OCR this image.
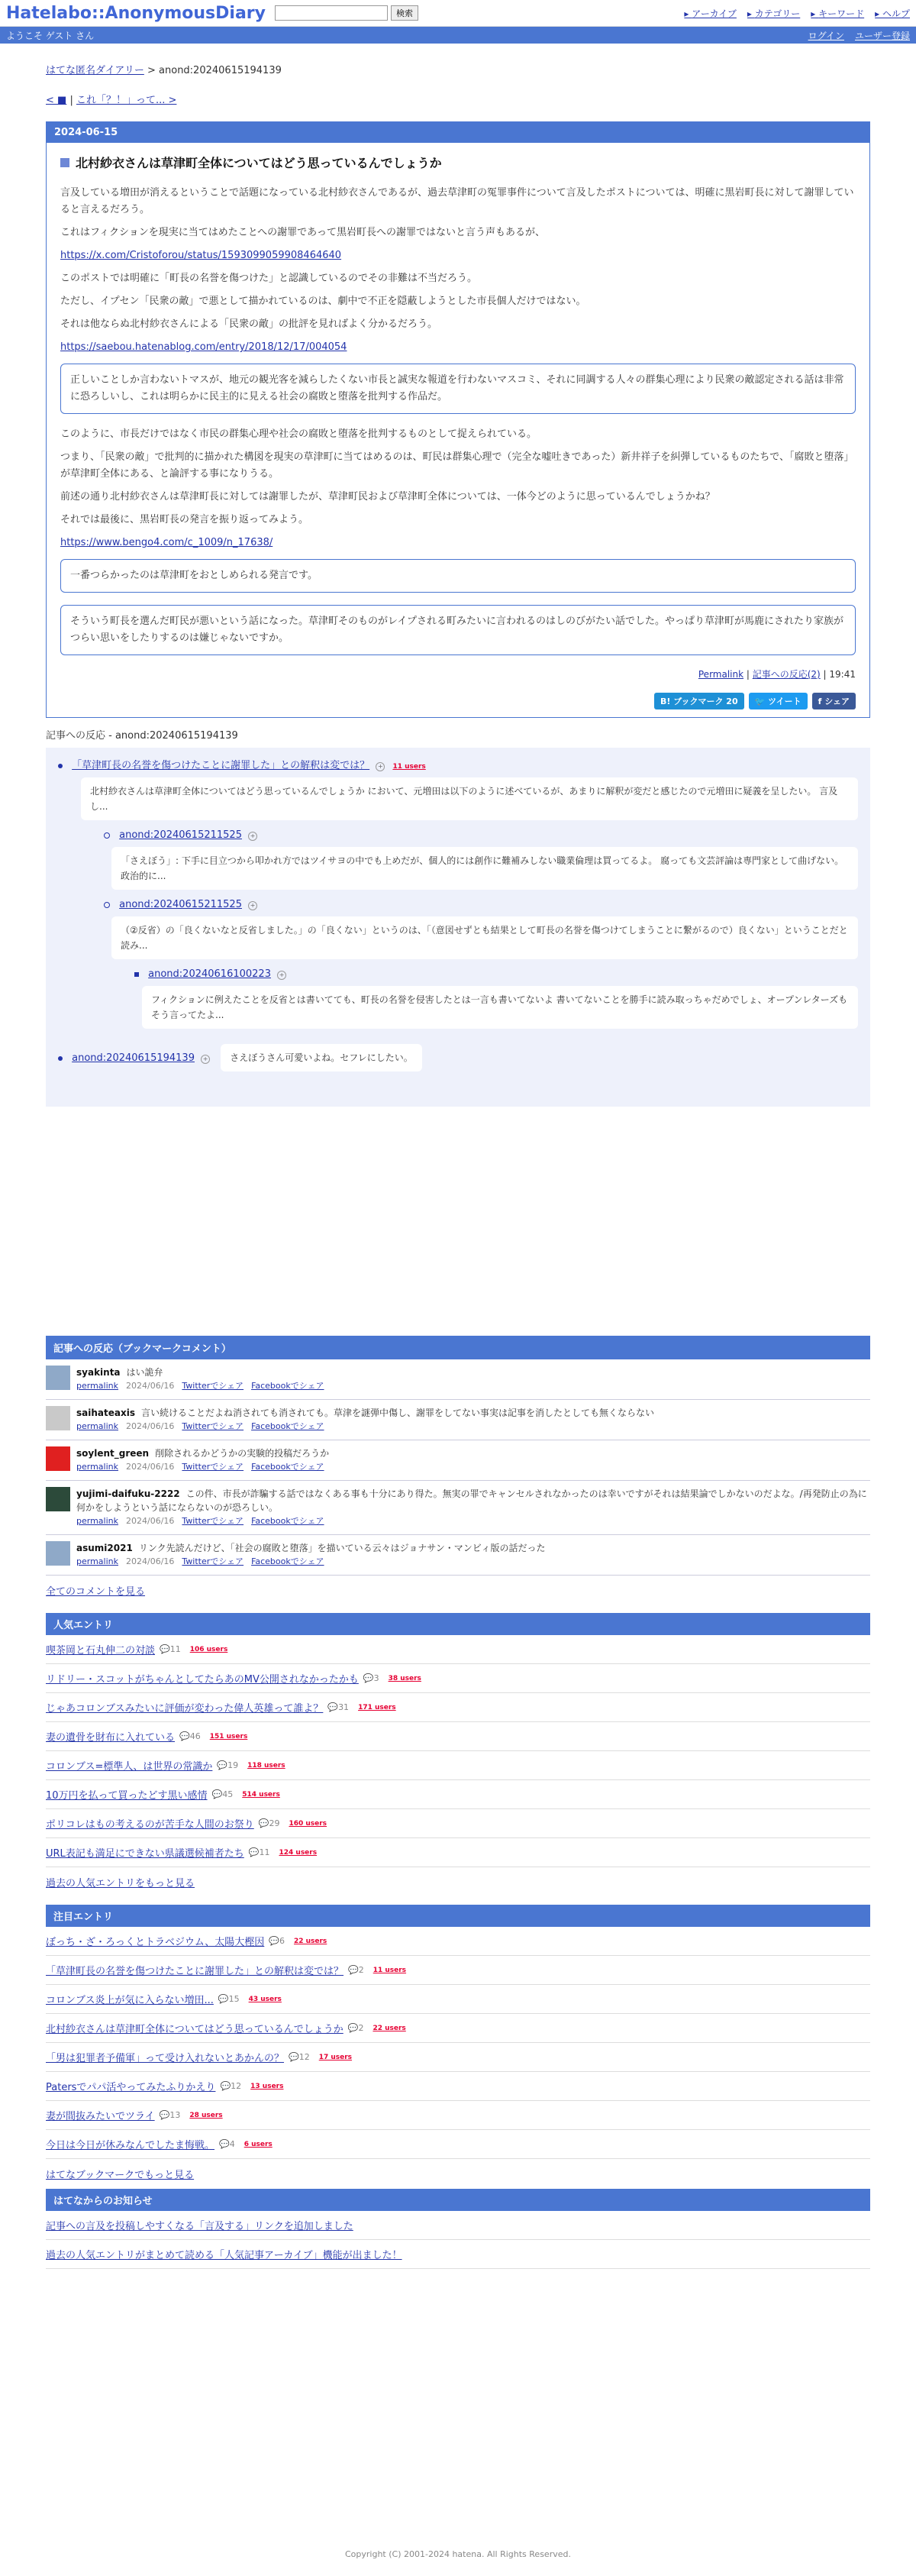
Hatelabo::AnonymousDiary	検索	▸ アーカイブ ▸ カテゴリー ▸ キーワード ▸ ヘルプ
ようこそ ゲスト さん	ログイン ユーザー登録
はてな匿名ダイアリー > anond:20240615194139
< ■ | これ「？！」って... >
2024-06-15
北村紗衣さんは草津町全体についてはどう思っているんでしょうか

言及している増田が消えるということで話題になっている北村紗衣さんであるが、過去草津町の冤罪事件について言及したポストについては、明確に黒岩町長に対して謝罪していると言えるだろう。

これはフィクションを現実に当てはめたことへの謝罪であって黒岩町長への謝罪ではないと言う声もあるが、

https://x.com/Cristoforou/status/1593099059908464640

このポストでは明確に「町長の名誉を傷つけた」と認識しているのでその非難は不当だろう。

ただし、イプセン「民衆の敵」で悪として描かれているのは、劇中で不正を隠蔽しようとした市長個人だけではない。

それは他ならぬ北村紗衣さんによる「民衆の敵」の批評を見ればよく分かるだろう。

https://saebou.hatenablog.com/entry/2018/12/17/004054

正しいことしか言わないトマスが、地元の観光客を減らしたくない市長と誠実な報道を行わないマスコミ、それに同調する人々の群集心理により民衆の敵認定される話は非常に恐ろしいし、これは明らかに民主的に見える社会の腐敗と堕落を批判する作品だ。

このように、市長だけではなく市民の群集心理や社会の腐敗と堕落を批判するものとして捉えられている。

つまり、「民衆の敵」で批判的に描かれた構図を現実の草津町に当てはめるのは、町民は群集心理で（完全な嘘吐きであった）新井祥子を糾弾しているものたちで、「腐敗と堕落」が草津町全体にある、と論評する事になりうる。

前述の通り北村紗衣さんは草津町長に対しては謝罪したが、草津町民および草津町全体については、一体今どのように思っているんでしょうかね？

それでは最後に、黒岩町長の発言を振り返ってみよう。

https://www.bengo4.com/c_1009/n_17638/

一番つらかったのは草津町をおとしめられる発言です。
そういう町長を選んだ町民が悪いという話になった。草津町そのものがレイプされる町みたいに言われるのはしのびがたい話でした。やっぱり草津町が馬鹿にされたり家族がつらい思いをしたりするのは嫌じゃないですか。
Permalink | 記事への反応(2) | 19:41
B! ブックマーク 20	🐦 ツイート	f シェア
記事への反応 - anond:20240615194139
「草津町長の名誉を傷つけたことに謝罪した」との解釈は変では？ + 11 users
北村紗衣さんは草津町全体についてはどう思っているんでしょうか において、元増田は以下のように述べているが、あまりに解釈が変だと感じたので元増田に疑義を呈したい。 言及し...
anond:20240615211525 +
「さえぼう」: 下手に目立つから叩かれ方ではツイサヨの中でも上めだが、個人的には創作に難補みしない職業倫理は買ってるよ。 腐っても文芸評論は専門家として曲げない。 政治的に...
anond:20240615211525 +
（②反省）の「良くないなと反省しました。」の「良くない」というのは、「（意図せずとも結果として町長の名誉を傷つけてしまうことに繋がるので）良くない」ということだと読み...
anond:20240616100223 +
フィクションに例えたことを反省とは書いてても、町長の名誉を侵害したとは一言も書いてないよ 書いてないことを勝手に読み取っちゃだめでしょ、オープンレターズもそう言ってたよ...
anond:20240615194139 + さえぼうさん可愛いよね。セフレにしたい。
記事への反応（ブックマークコメント）
syakinta はい詭弁
permalink 2024/06/16 Twitterでシェア Facebookでシェア
saihateaxis 言い続けることだよね消されても消されても。草津を謎弾中傷し、謝罪をしてない事実は記事を消したとしても無くならない
permalink 2024/06/16 Twitterでシェア Facebookでシェア
soylent_green 削除されるかどうかの実験的投稿だろうか
permalink 2024/06/16 Twitterでシェア Facebookでシェア
yujimi-daifuku-2222 この件、市長が詐騙する話ではなくある事も十分にあり得た。無実の罪でキャンセルされなかったのは幸いですがそれは結果論でしかないのだよな。/再発防止の為に何かをしようという話にならないのが恐ろしい。
permalink 2024/06/16 Twitterでシェア Facebookでシェア
asumi2021 リンク先読んだけど、「社会の腐敗と堕落」を描いている云々はジョナサン・マンビィ版の話だった
permalink 2024/06/16 Twitterでシェア Facebookでシェア
全てのコメントを見る
人気エントリ
喫茶岡と石丸伸二の対談 💬11 106 users
リドリー・スコットがちゃんとしてたらあのMV公開されなかったかも 💬3 38 users
じゃあコロンブスみたいに評価が変わった偉人英雄って誰よ？ 💬31 171 users
妻の遺骨を財布に入れている 💬46 151 users
コロンブス=標準人、は世界の常識か 💬19 118 users
10万円を払って買ったどす黒い感情 💬45 514 users
ポリコレはもの考えるのが苦手な人間のお祭り 💬29 160 users
URL表記も満足にできない県議選候補者たち 💬11 124 users
過去の人気エントリをもっと見る
注目エントリ
ぼっち・ざ・ろっくとトラベジウム、太陽大樫因 💬6 22 users
「草津町長の名誉を傷つけたことに謝罪した」との解釈は変では？ 💬2 11 users
コロンブス炎上が気に入らない増田... 💬15 43 users
北村紗衣さんは草津町全体についてはどう思っているんでしょうか 💬2 22 users
「男は犯罪者予備軍」って受け入れないとあかんの？ 💬12 17 users
Patersでパパ活やってみたふりかえり 💬12 13 users
妻が間抜みたいでツライ 💬13 28 users
今日は今日が休みなんでしたま悔戦。 💬4 6 users
はてなブックマークでもっと見る
はてなからのお知らせ
記事への言及を投稿しやすくなる「言及する」リンクを追加しました
過去の人気エントリがまとめて読める「人気記事アーカイブ」機能が出ました！
Copyright (C) 2001-2024 hatena. All Rights Reserved.
